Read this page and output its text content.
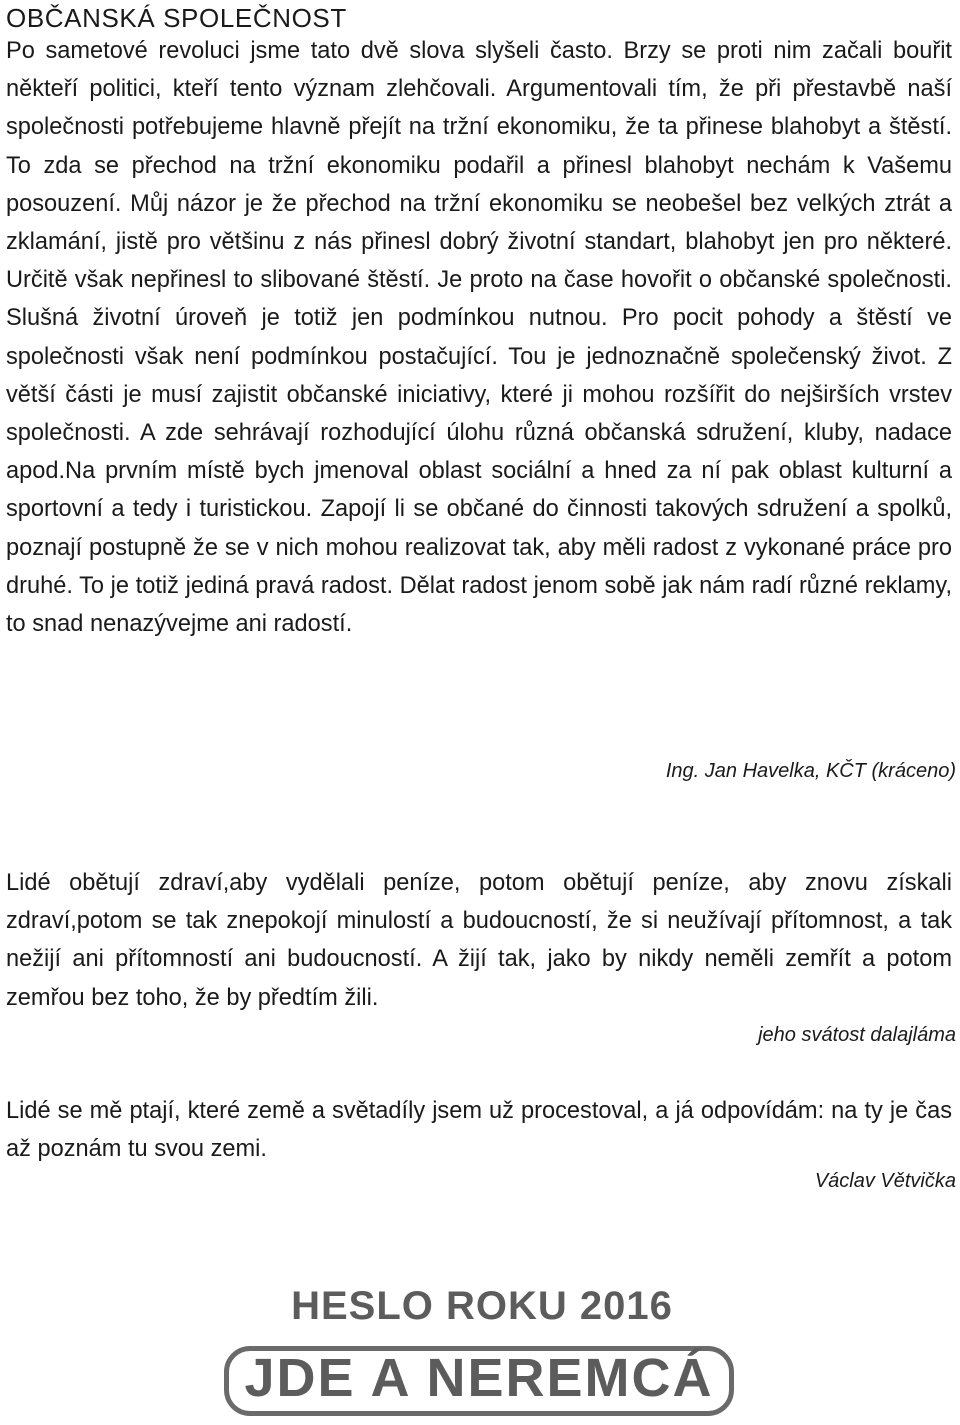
OBČANSKÁ SPOLEČNOST

Po sametové revoluci jsme tato dvě slova slyšeli často. Brzy se proti nim začali bouřit někteří politici, kteří tento význam zlehčovali. Argumentovali tím, že při přestavbě naší společnosti potřebujeme hlavně přejít na tržní ekonomiku, že ta přinese blahobyt a štěstí. To zda se přechod na tržní ekonomiku podařil a přinesl blahobyt nechám k Vašemu posouzení. Můj názor je že přechod na tržní ekonomiku se neobešel bez velkých ztrát a zklamání, jistě pro většinu z nás přinesl dobrý životní standart, blahobyt jen pro některé. Určitě však nepřinesl to slibované štěstí. Je proto na čase hovořit o občanské společnosti. Slušná životní úroveň je totiž jen podmínkou nutnou. Pro pocit pohody a štěstí ve společnosti však není podmínkou postačující. Tou je jednoznačně společenský život. Z větší části je musí zajistit občanské iniciativy, které ji mohou rozšířit do nejširších vrstev společnosti. A zde sehrávají rozhodující úlohu různá občanská sdružení, kluby, nadace apod.Na prvním místě bych jmenoval oblast sociální a hned za ní pak oblast kulturní a sportovní a tedy i turistickou. Zapojí li se občané do činnosti takových sdružení a spolků, poznají postupně že se v nich mohou realizovat tak, aby měli radost z vykonané práce pro druhé. To je totiž jediná pravá radost. Dělat radost jenom sobě jak nám radí různé reklamy, to snad nenazývejme ani radostí.

Ing. Jan Havelka, KČT (kráceno)

Lidé obětují zdraví,aby vydělali peníze, potom obětují peníze, aby znovu získali zdraví,potom se tak znepokojí minulostí a budoucností, že si neužívají přítomnost, a tak nežijí ani přítomností ani budoucností. A žijí tak, jako by nikdy neměli zemřít a potom zemřou bez toho, že by předtím žili.

jeho svátost dalajláma

Lidé se mě ptají, které země a světadíly jsem už procestoval, a já odpovídám: na ty je čas až poznám tu svou zemi.

Václav Větvička
HESLO ROKU 2016
JDE A NEREMCÁ
